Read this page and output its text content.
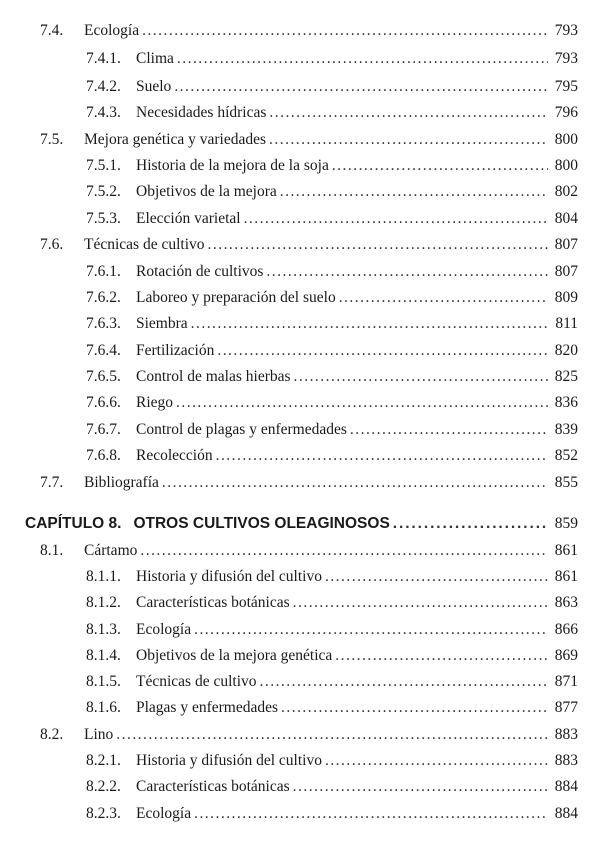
7.4.	Ecología . . .	793
7.4.1. Clima . . .	793
7.4.2. Suelo . . .	795
7.4.3. Necesidades hídricas . . .	796
7.5.	Mejora genética y variedades . . .	800
7.5.1. Historia de la mejora de la soja . . .	800
7.5.2. Objetivos de la mejora . . .	802
7.5.3. Elección varietal . . .	804
7.6.	Técnicas de cultivo . . .	807
7.6.1. Rotación de cultivos . . .	807
7.6.2. Laboreo y preparación del suelo . . .	809
7.6.3. Siembra . . .	811
7.6.4. Fertilización . . .	820
7.6.5. Control de malas hierbas . . .	825
7.6.6. Riego . . .	836
7.6.7. Control de plagas y enfermedades . . .	839
7.6.8. Recolección . . .	852
7.7.	Bibliografía . . .	855
CAPÍTULO 8. OTROS CULTIVOS OLEAGINOSOS . . .	859
8.1.	Cártamo . . .	861
8.1.1. Historia y difusión del cultivo . . .	861
8.1.2. Características botánicas . . .	863
8.1.3. Ecología . . .	866
8.1.4. Objetivos de la mejora genética . . .	869
8.1.5. Técnicas de cultivo . . .	871
8.1.6. Plagas y enfermedades . . .	877
8.2.	Lino . . .	883
8.2.1. Historia y difusión del cultivo . . .	883
8.2.2. Características botánicas . . .	884
8.2.3. Ecología . . .	884
